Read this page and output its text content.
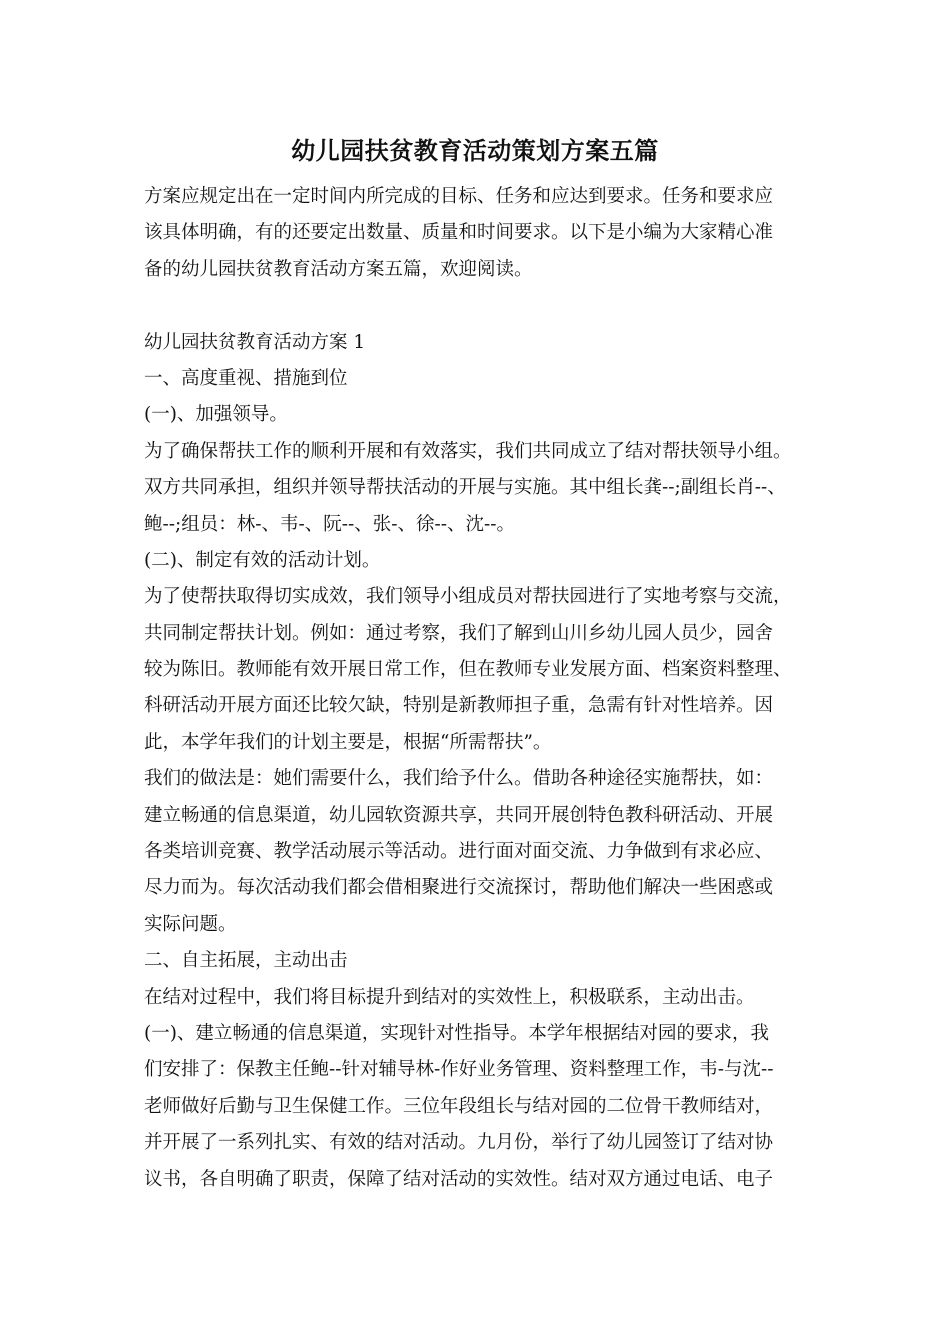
幼儿园扶贫教育活动策划方案五篇
方案应规定出在一定时间内所完成的目标、任务和应达到要求。任务和要求应
该具体明确，有的还要定出数量、质量和时间要求。以下是小编为大家精心准
备的幼儿园扶贫教育活动方案五篇，欢迎阅读。
幼儿园扶贫教育活动方案 1
一、高度重视、措施到位
(一)、加强领导。
为了确保帮扶工作的顺利开展和有效落实，我们共同成立了结对帮扶领导小组。
双方共同承担，组织并领导帮扶活动的开展与实施。其中组长龚--;副组长肖--、
鲍--;组员：林-、韦-、阮--、张-、徐--、沈--。
(二)、制定有效的活动计划。
为了使帮扶取得切实成效，我们领导小组成员对帮扶园进行了实地考察与交流，
共同制定帮扶计划。例如：通过考察，我们了解到山川乡幼儿园人员少，园舍
较为陈旧。教师能有效开展日常工作，但在教师专业发展方面、档案资料整理、
科研活动开展方面还比较欠缺，特别是新教师担子重，急需有针对性培养。因
此，本学年我们的计划主要是，根据“所需帮扶”。
我们的做法是：她们需要什么，我们给予什么。借助各种途径实施帮扶，如：
建立畅通的信息渠道，幼儿园软资源共享，共同开展创特色教科研活动、开展
各类培训竞赛、教学活动展示等活动。进行面对面交流、力争做到有求必应、
尽力而为。每次活动我们都会借相聚进行交流探讨，帮助他们解决一些困惑或
实际问题。
二、自主拓展，主动出击
在结对过程中，我们将目标提升到结对的实效性上，积极联系，主动出击。
(一)、建立畅通的信息渠道，实现针对性指导。本学年根据结对园的要求，我
们安排了：保教主任鲍--针对辅导林-作好业务管理、资料整理工作，韦-与沈--
老师做好后勤与卫生保健工作。三位年段组长与结对园的二位骨干教师结对，
并开展了一系列扎实、有效的结对活动。九月份，举行了幼儿园签订了结对协
议书，各自明确了职责，保障了结对活动的实效性。结对双方通过电话、电子
